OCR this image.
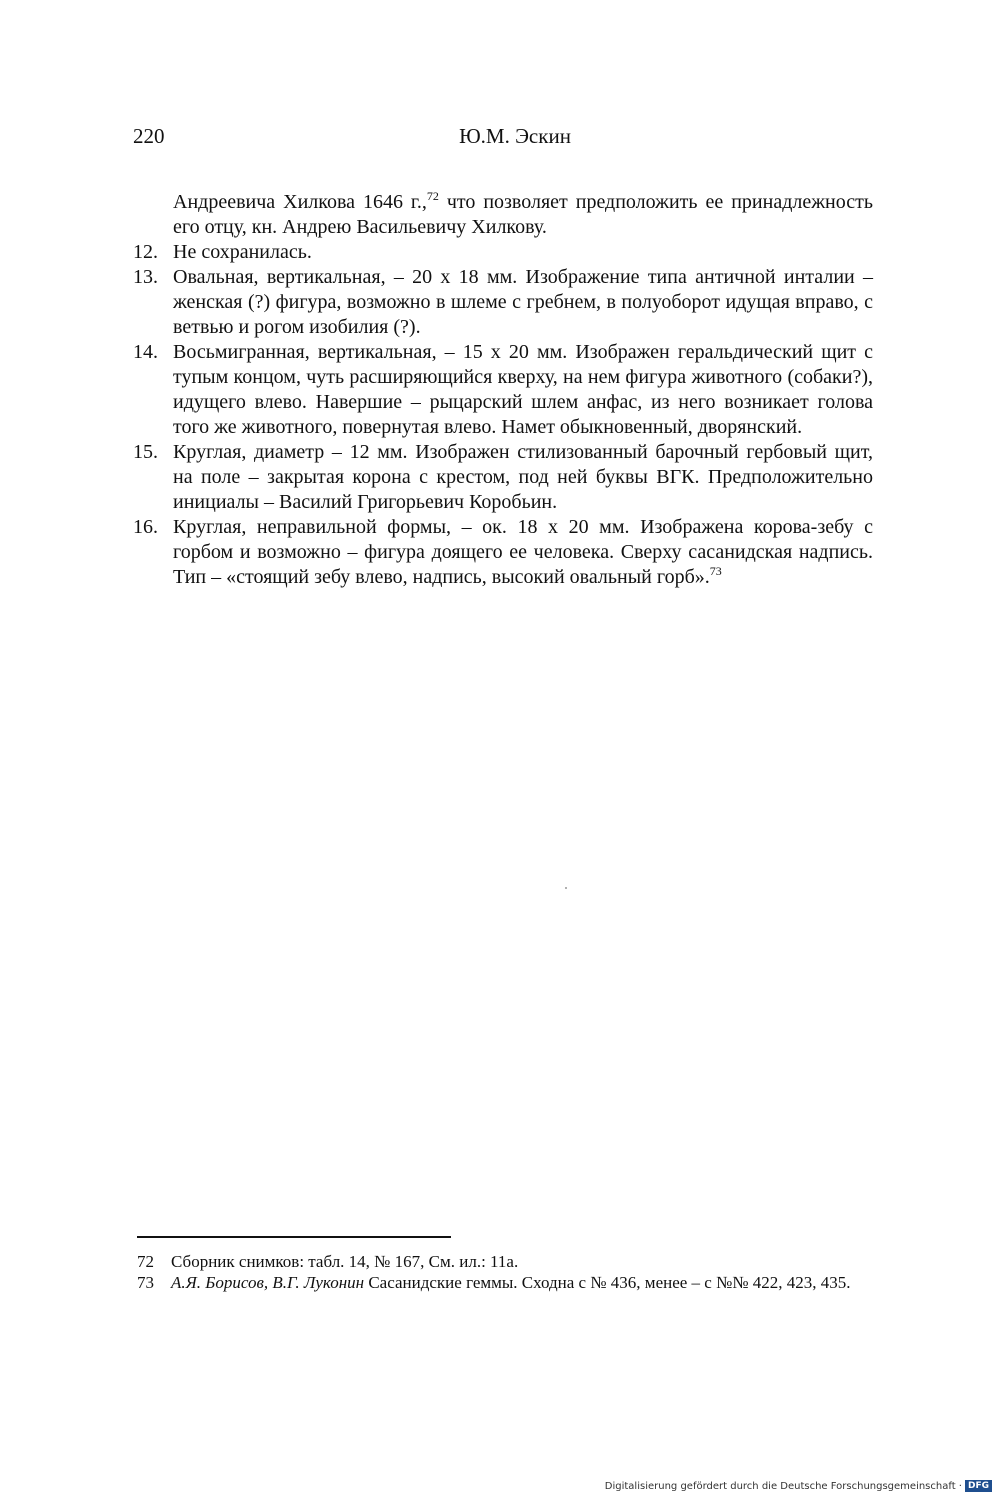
220	Ю.М. Эскин
Андреевича Хилкова 1646 г.,$^{72}$ что позволяет предположить ее принадлежность его отцу, кн. Андрею Васильевичу Хилкову.
12. Не сохранилась.
13. Овальная, вертикальная, – 20 x 18 мм. Изображение типа античной инталии – женская (?) фигура, возможно в шлеме с гребнем, в полуоборот идущая вправо, с ветвью и рогом изобилия (?).
14. Восьмигранная, вертикальная, – 15 x 20 мм. Изображен геральдический щит с тупым концом, чуть расширяющийся кверху, на нем фигура животного (собаки?), идущего влево. Навершие – рыцарский шлем анфас, из него возникает голова того же животного, повернутая влево. Намет обыкновенный, дворянский.
15. Круглая, диаметр – 12 мм. Изображен стилизованный барочный гербовый щит, на поле – закрытая корона с крестом, под ней буквы ВГК. Предположительно инициалы – Василий Григорьевич Коробьин.
16. Круглая, неправильной формы, – ок. 18 x 20 мм. Изображена корова-зебу с горбом и возможно – фигура доящего ее человека. Сверху сасанидская надпись. Тип – «стоящий зебу влево, надпись, высокий овальный горб».$^{73}$
72	Сборник снимков: табл. 14, № 167, См. ил.: 11а.
73	А.Я. Борисов, В.Г. Луконин Сасанидские геммы. Сходна с № 436, менее – с №№ 422, 423, 435.
Digitalisierung gefördert durch die Deutsche Forschungsgemeinschaft · DFG
